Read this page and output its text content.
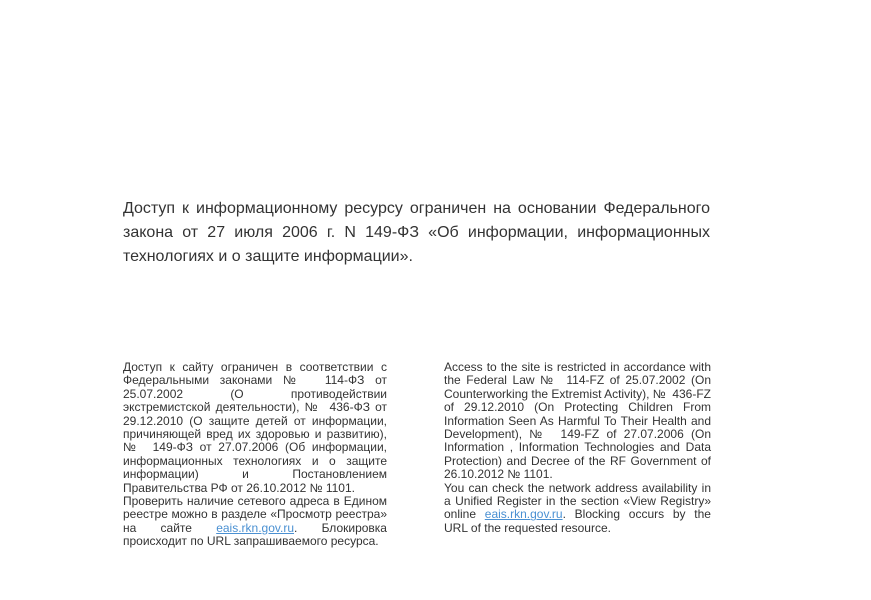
Доступ к информационному ресурсу ограничен на основании Федерального закона от 27 июля 2006 г. N 149-ФЗ «Об информации, информационных технологиях и о защите информации».

Доступ к сайту ограничен в соответствии с Федеральными законами №  114-ФЗ от 25.07.2002 (О противодействии экстремистской деятельности), №  436-ФЗ от 29.12.2010 (О защите детей от информации, причиняющей вред их здоровью и развитию), №  149-ФЗ от 27.07.2006 (Об информации, информационных технологиях и о защите информации) и Постановлением Правительства РФ от 26.10.2012 № 1101.

Проверить наличие сетевого адреса в Едином реестре можно в разделе «Просмотр реестра» на сайте eais.rkn.gov.ru. Блокировка происходит по URL запрашиваемого ресурса.

Access to the site is restricted in accordance with the Federal Law №  114-FZ of 25.07.2002 (On Counterworking the Extremist Activity), №  436-FZ of 29.12.2010 (On Protecting Children From Information Seen As Harmful To Their Health and Development), №  149-FZ of 27.07.2006 (On Information , Information Technologies and Data Protection) and Decree of the RF Government of 26.10.2012 № 1101.

You can check the network address availability in a Unified Register in the section «View Registry» online eais.rkn.gov.ru. Blocking occurs by the URL of the requested resource.
